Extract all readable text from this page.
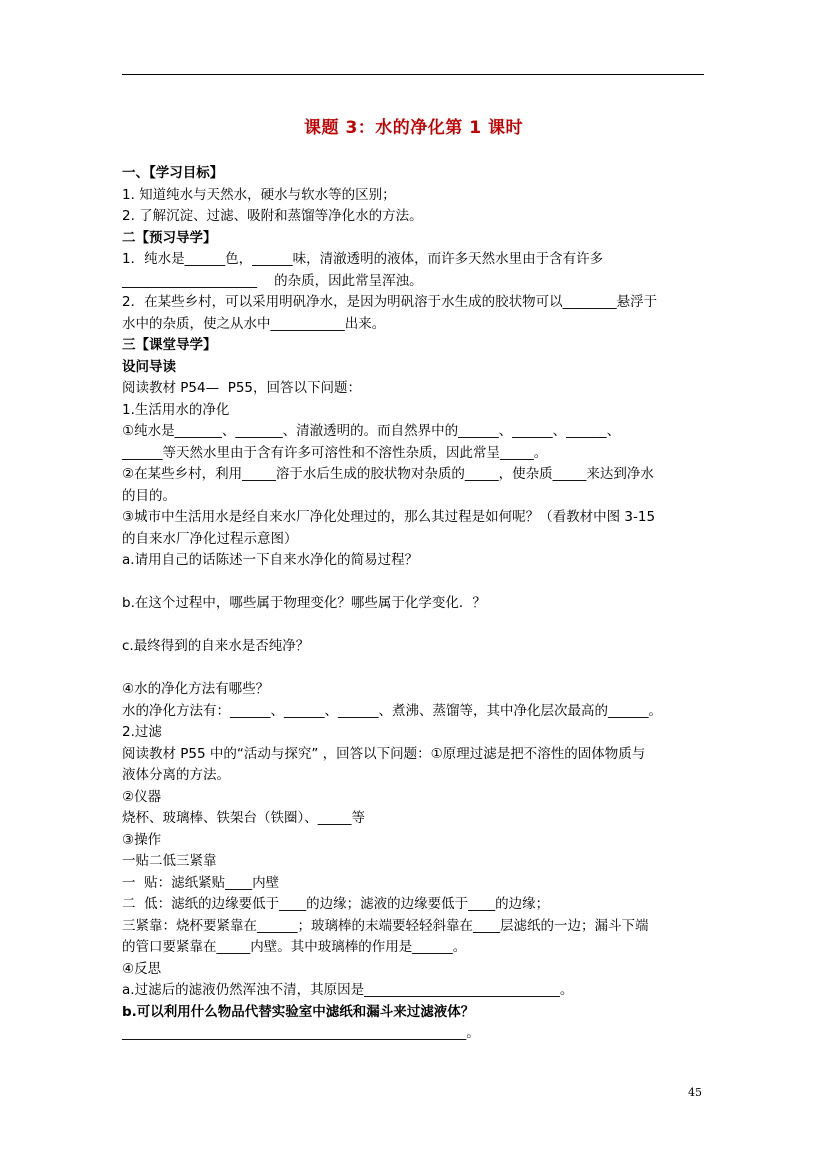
课题 3：水的净化第 1 课时
一、【学习目标】
1. 知道纯水与天然水，硬水与软水等的区别；
2. 了解沉淀、过滤、吸附和蒸馏等净化水的方法。
二【预习导学】
1．纯水是______色，______味，清澈透明的液体，而许多天然水里由于含有许多
____________________    的杂质，因此常呈浑浊。
2．在某些乡村，可以采用明矾净水，是因为明矾溶于水生成的胶状物可以________悬浮于
水中的杂质，使之从水中___________出来。
三【课堂导学】
设问导读
阅读教材 P54—  P55，回答以下问题：
1.生活用水的净化
①纯水是_______、_______、清澈透明的。而自然界中的______、______、______、
______等天然水里由于含有许多可溶性和不溶性杂质，因此常呈_____。
②在某些乡村，利用_____溶于水后生成的胶状物对杂质的_____，使杂质_____来达到净水
的目的。
③城市中生活用水是经自来水厂净化处理过的，那么其过程是如何呢？（看教材中图 3-15
的自来水厂净化过程示意图）
a.请用自己的话陈述一下自来水净化的简易过程？
b.在这个过程中，哪些属于物理变化？哪些属于化学变化．？
c.最终得到的自来水是否纯净？
④水的净化方法有哪些？
水的净化方法有：______、______、______、煮沸、蒸馏等，其中净化层次最高的______。
2.过滤
阅读教材 P55 中的“活动与探究” ，回答以下问题：①原理过滤是把不溶性的固体物质与
液体分离的方法。
②仪器
烧杯、玻璃棒、铁架台（铁圈）、_____等
③操作
一贴二低三紧靠
一  贴：滤纸紧贴____内壁
二  低：滤纸的边缘要低于____的边缘；滤液的边缘要低于____的边缘；
三紧靠：烧杯要紧靠在______；玻璃棒的末端要轻轻斜靠在____层滤纸的一边；漏斗下端
的管口要紧靠在_____内壁。其中玻璃棒的作用是______。
④反思
a.过滤后的滤液仍然浑浊不清，其原因是_____________________________。
b.可以利用什么物品代替实验室中滤纸和漏斗来过滤液体？
___________________________________________________。
45
